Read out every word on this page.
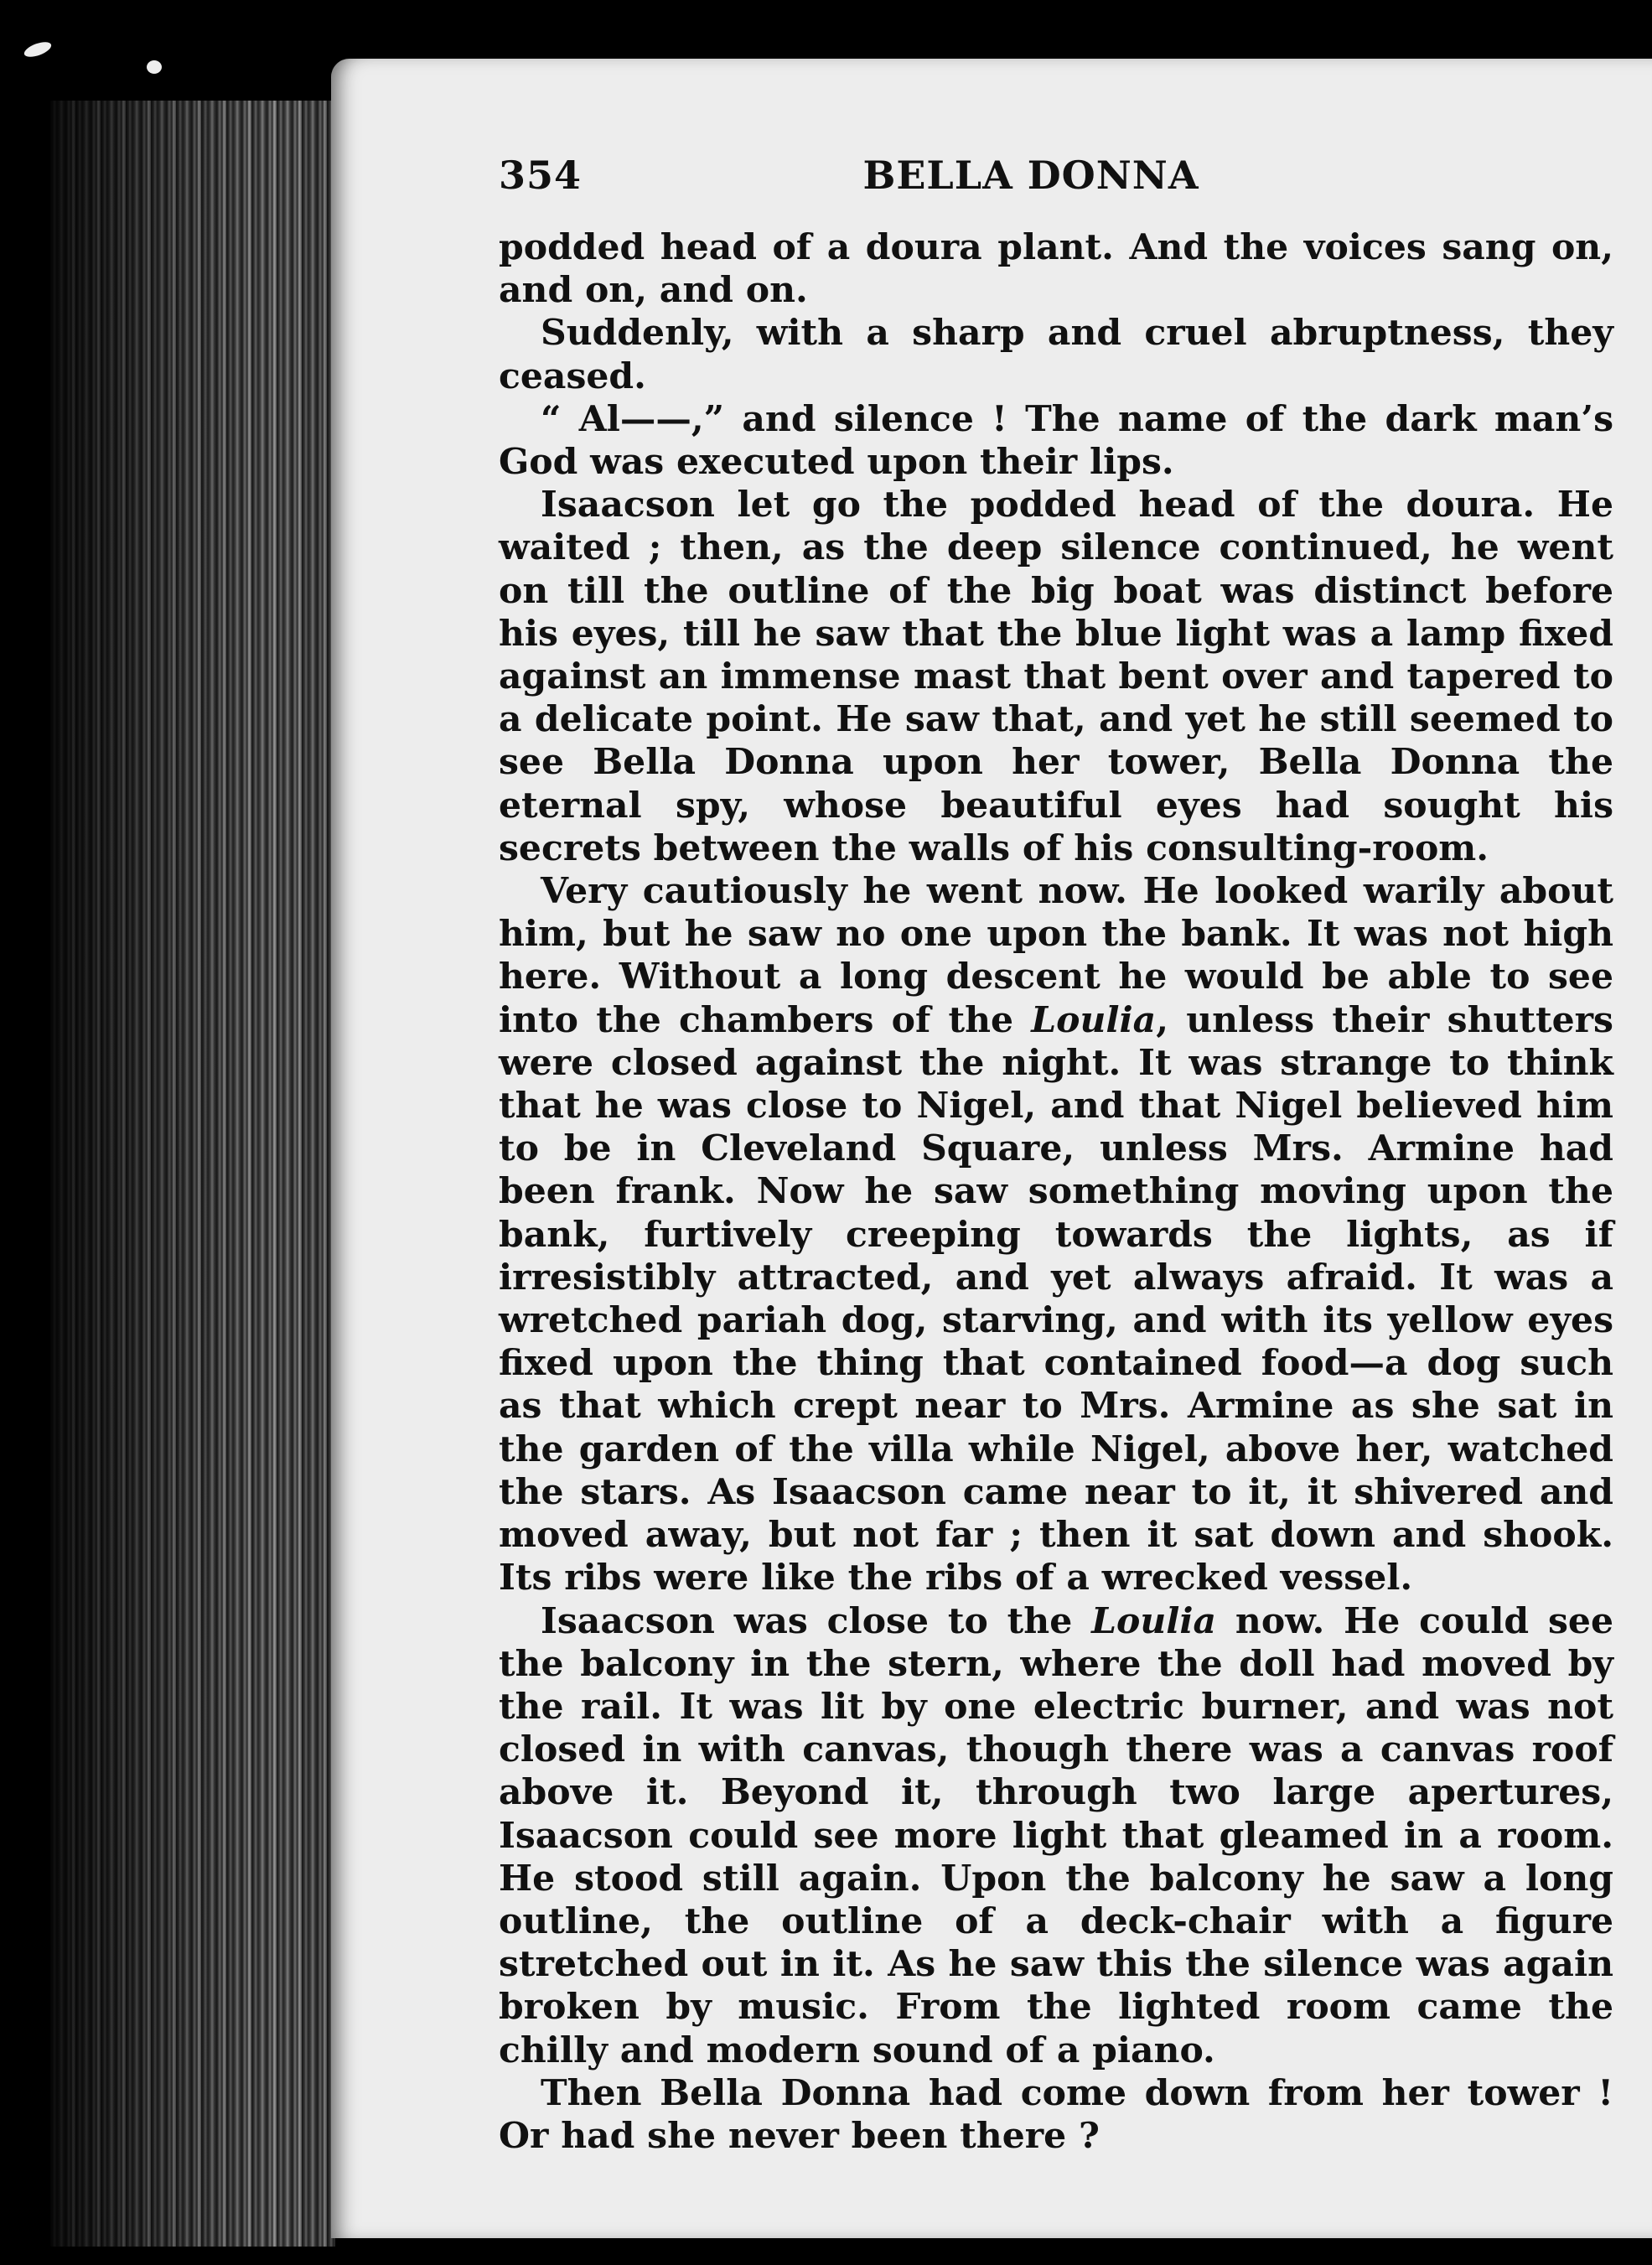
354	BELLA DONNA

podded head of a doura plant. And the voices sang on, and on, and on.

Suddenly, with a sharp and cruel abruptness, they ceased.

“ Al——,” and silence ! The name of the dark man’s God was executed upon their lips.

Isaacson let go the podded head of the doura. He waited ; then, as the deep silence continued, he went on till the outline of the big boat was distinct before his eyes, till he saw that the blue light was a lamp fixed against an immense mast that bent over and tapered to a delicate point. He saw that, and yet he still seemed to see Bella Donna upon her tower, Bella Donna the eternal spy, whose beautiful eyes had sought his secrets between the walls of his consulting-room.

Very cautiously he went now. He looked warily about him, but he saw no one upon the bank. It was not high here. Without a long descent he would be able to see into the chambers of the Loulia, unless their shutters were closed against the night. It was strange to think that he was close to Nigel, and that Nigel believed him to be in Cleveland Square, unless Mrs. Armine had been frank. Now he saw something moving upon the bank, furtively creeping towards the lights, as if irresistibly attracted, and yet always afraid. It was a wretched pariah dog, starving, and with its yellow eyes fixed upon the thing that contained food—a dog such as that which crept near to Mrs. Armine as she sat in the garden of the villa while Nigel, above her, watched the stars. As Isaacson came near to it, it shivered and moved away, but not far ; then it sat down and shook. Its ribs were like the ribs of a wrecked vessel.

Isaacson was close to the Loulia now. He could see the balcony in the stern, where the doll had moved by the rail. It was lit by one electric burner, and was not closed in with canvas, though there was a canvas roof above it. Beyond it, through two large apertures, Isaacson could see more light that gleamed in a room. He stood still again. Upon the balcony he saw a long outline, the outline of a deck-chair with a figure stretched out in it. As he saw this the silence was again broken by music. From the lighted room came the chilly and modern sound of a piano.

Then Bella Donna had come down from her tower ! Or had she never been there ?
